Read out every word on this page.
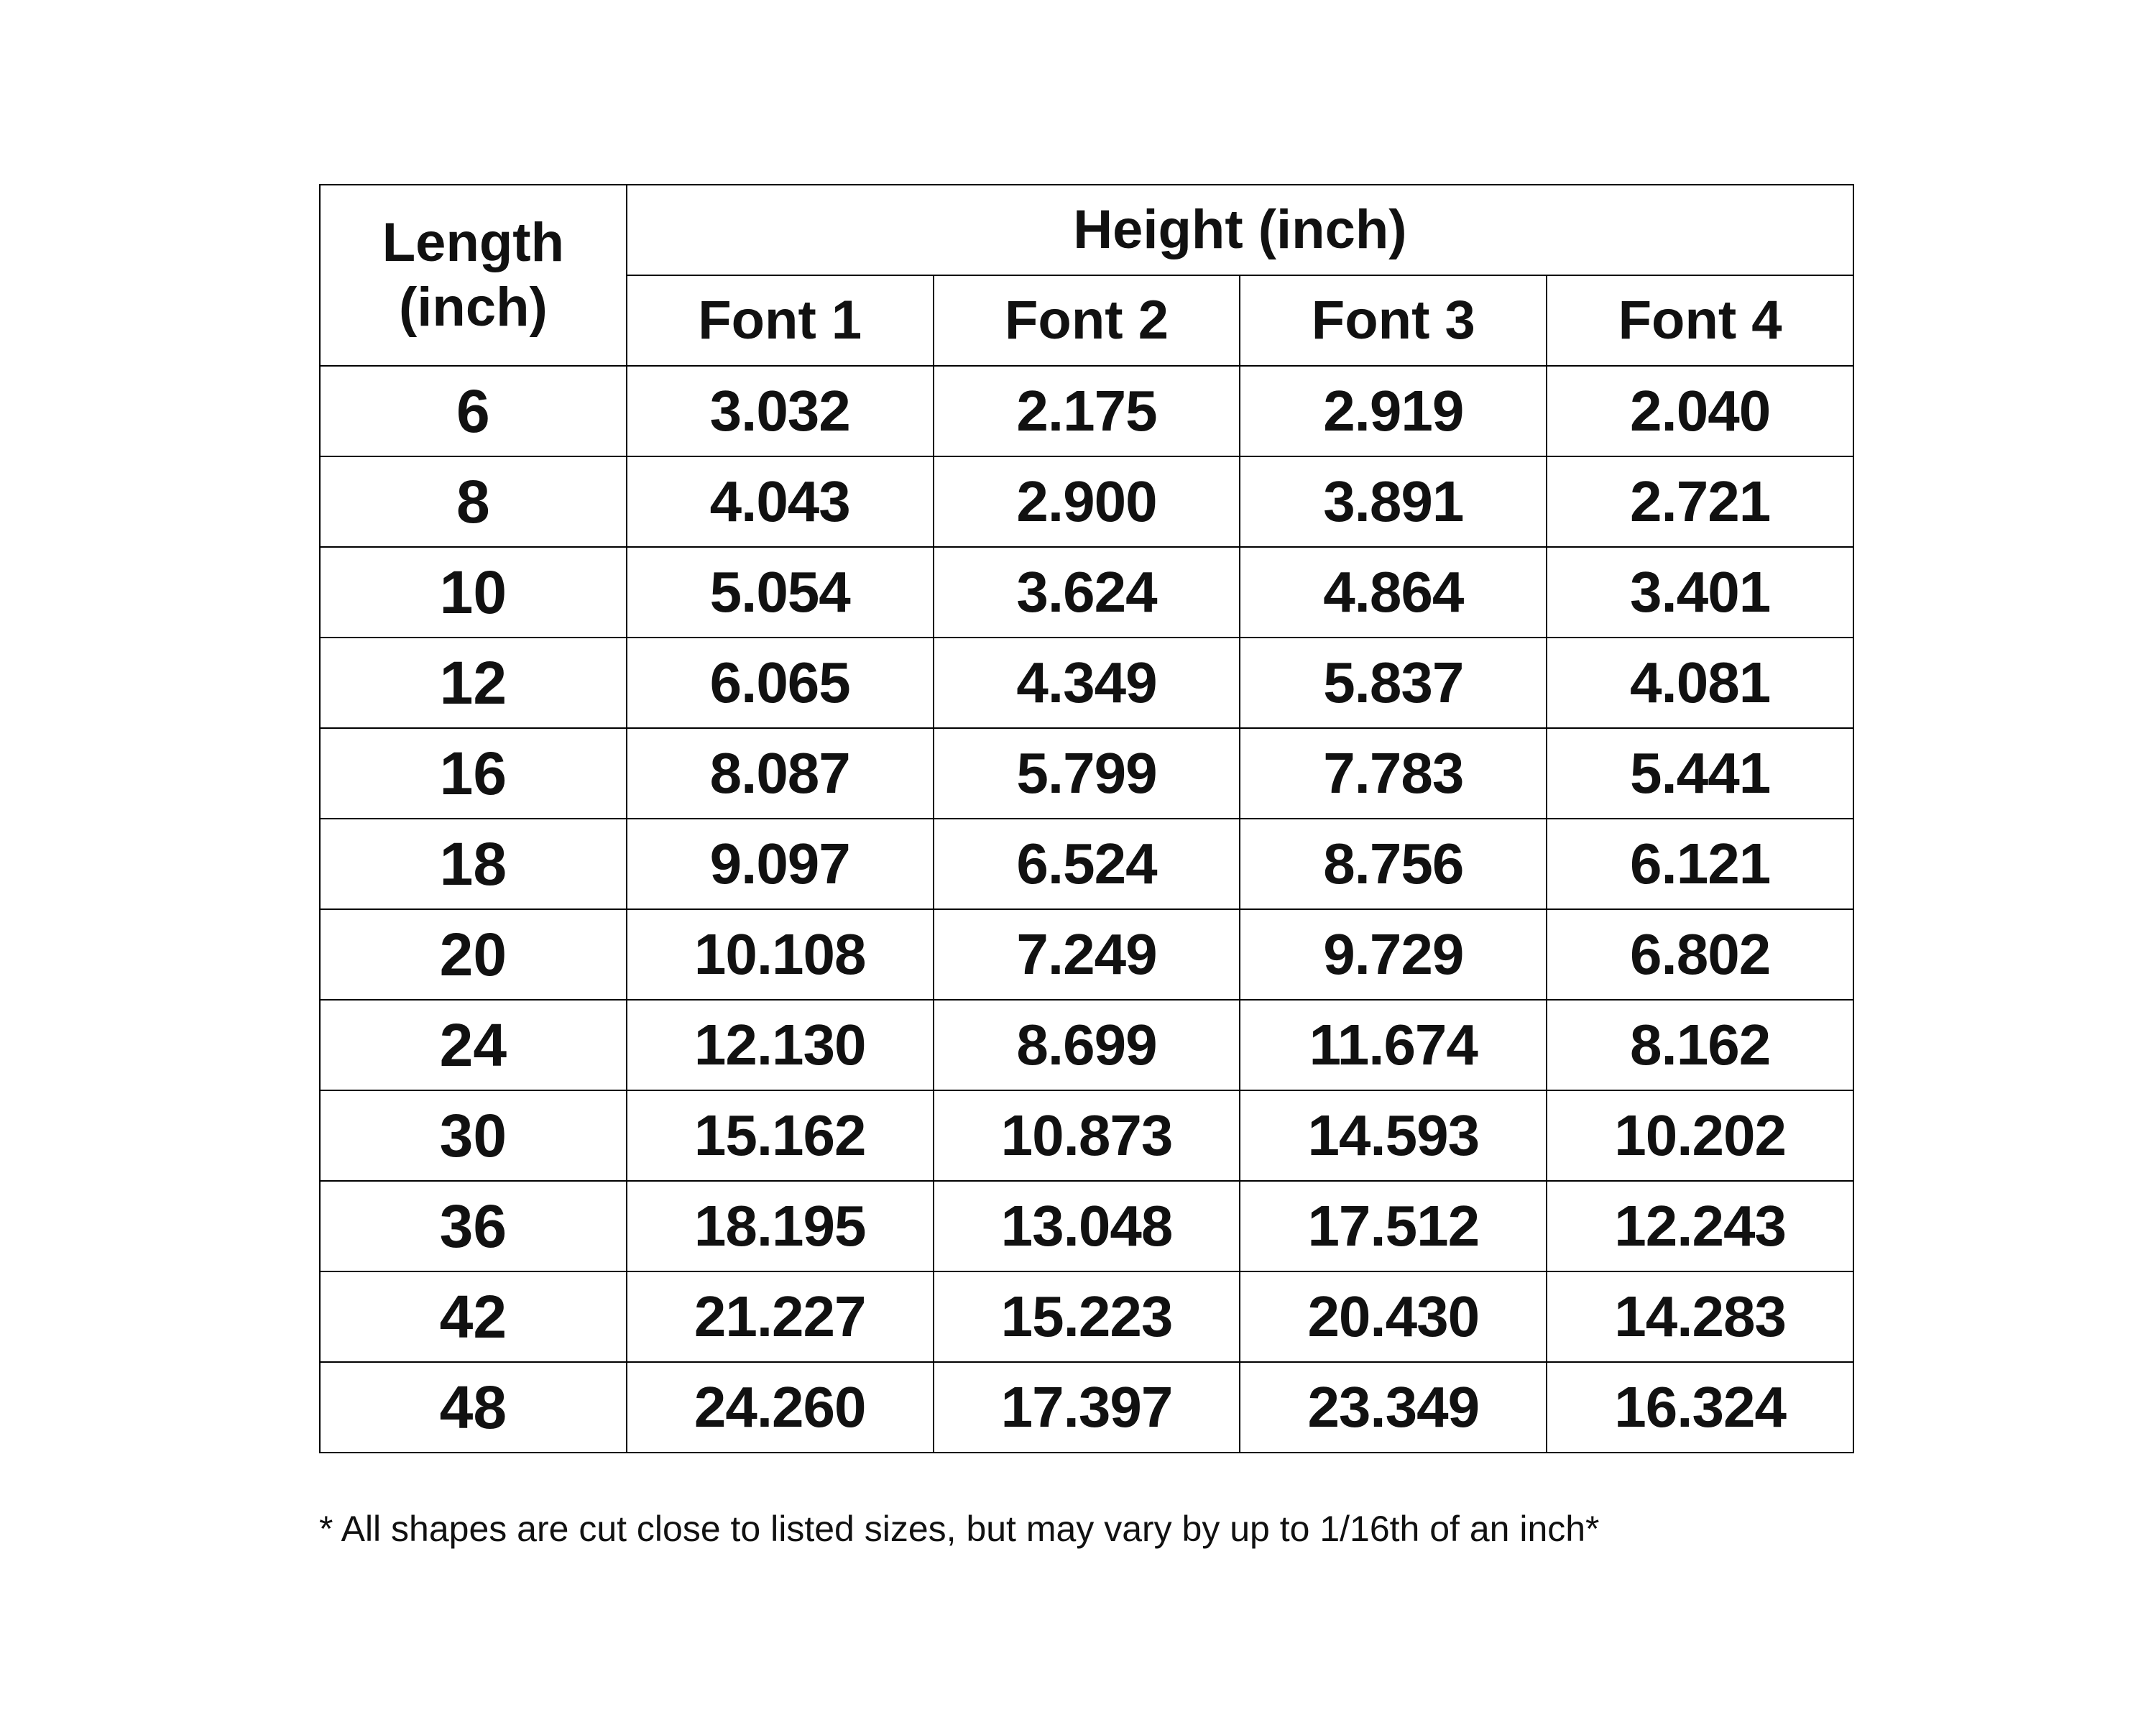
Length (inch)	Height (inch)			
	Font 1	Font 2	Font 3	Font 4
6	3.032	2.175	2.919	2.040
8	4.043	2.900	3.891	2.721
10	5.054	3.624	4.864	3.401
12	6.065	4.349	5.837	4.081
16	8.087	5.799	7.783	5.441
18	9.097	6.524	8.756	6.121
20	10.108	7.249	9.729	6.802
24	12.130	8.699	11.674	8.162
30	15.162	10.873	14.593	10.202
36	18.195	13.048	17.512	12.243
42	21.227	15.223	20.430	14.283
48	24.260	17.397	23.349	16.324
* All shapes are cut close to listed sizes, but may vary by up to 1/16th of an inch*
